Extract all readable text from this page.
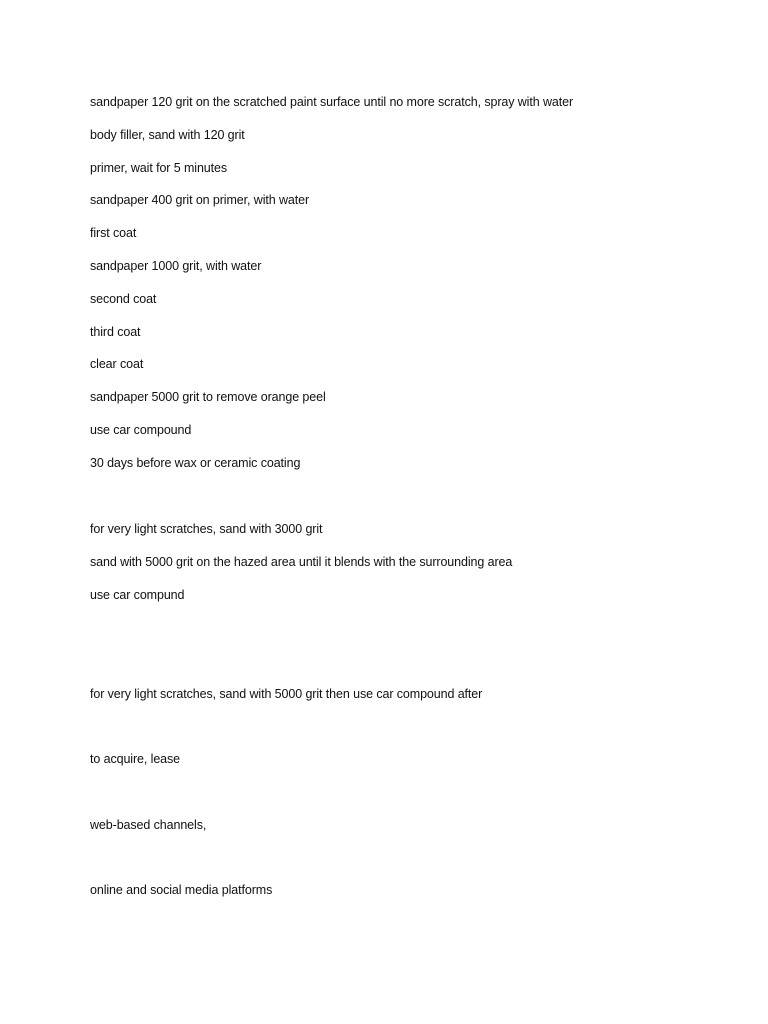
sandpaper 120 grit on the scratched paint surface until no more scratch, spray with water
body filler, sand with 120 grit
primer, wait for 5 minutes
sandpaper 400 grit on primer, with water
first coat
sandpaper 1000 grit, with water
second coat
third coat
clear coat
sandpaper 5000 grit to remove orange peel
use car compound
30 days before wax or ceramic coating
for very light scratches, sand with 3000 grit
sand with 5000 grit on the hazed area until it blends with the surrounding area
use car compund
for very light scratches, sand with 5000 grit then use car compound after
to acquire, lease
web-based channels,
online and social media platforms
